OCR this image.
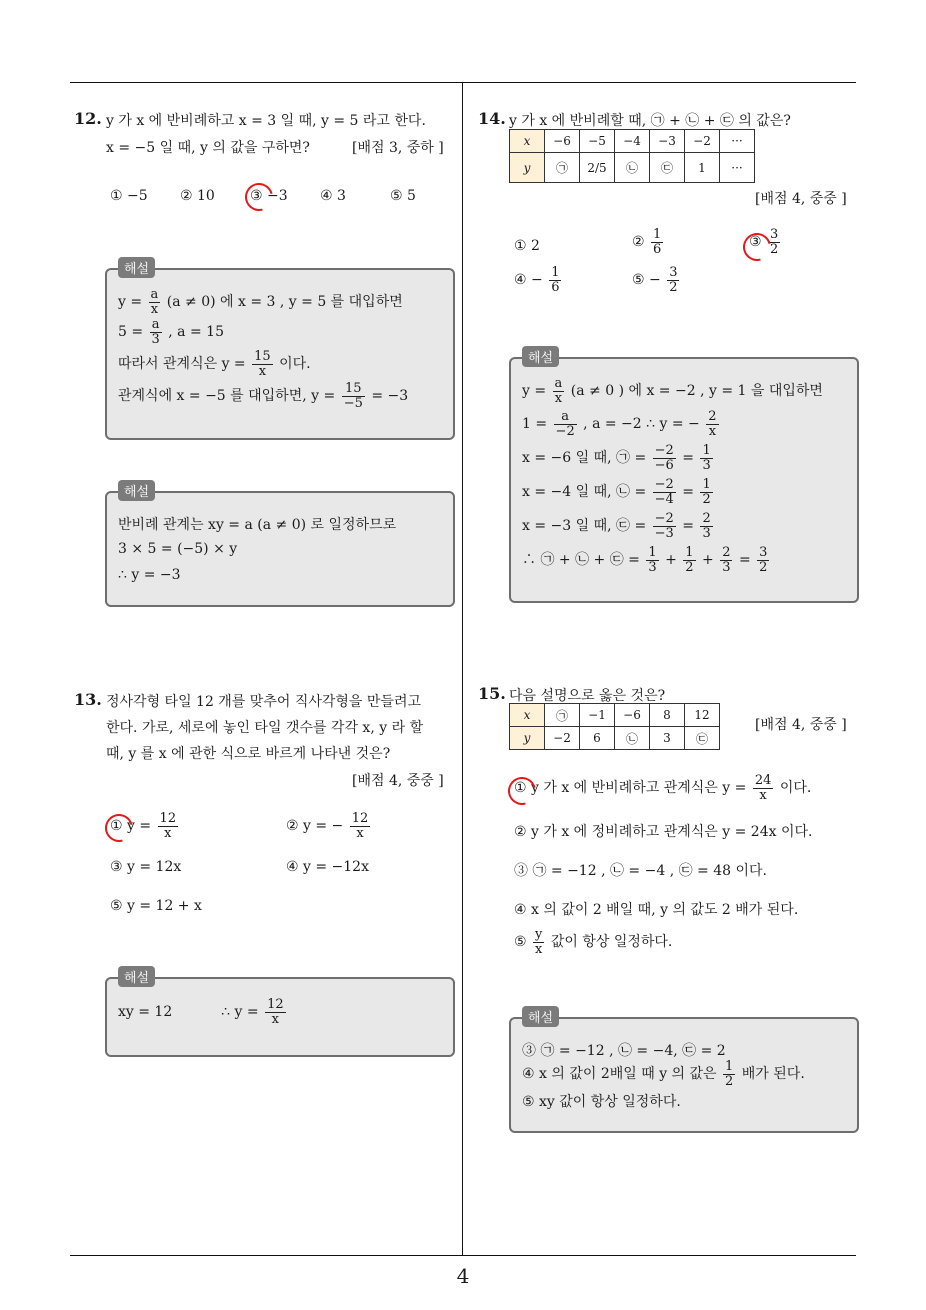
12. y 가 x 에 반비례하고 x = 3 일 때, y = 5 라고 한다.
x = −5 일 때, y 의 값을 구하면?	[배점 3, 중하 ]
① −5 ② 10	③ −3 ④ 3	⑤ 5
해설
$y = \frac{a}{x} (a \ne 0)$ 에 x = 3 , y = 5 를 대입하면
$5 = \frac{a}{3}$ , a = 15
따라서 관계식은 $y = \frac{15}{x}$ 이다.
관계식에 x = −5 를 대입하면, $y = \frac{15}{-5} = -3$
해설
반비례 관계는 xy = a (a ≠ 0) 로 일정하므로
3 × 5 = (−5) × y
∴ y = −3
13. 정사각형 타일 12 개를 맞추어 직사각형을 만들려고
한다. 가로, 세로에 놓인 타일 갯수를 각각 x, y 라 할
때, y 를 x 에 관한 식으로 바르게 나타낸 것은?
[배점 4, 중중 ]
① $y = \frac{12}{x}$	② y = − $\frac{12}{x}$
③ y = 12x	④ y = −12x
⑤ y = 12 + x
해설
xy = 12	∴ $y = \frac{12}{x}$
14. y 가 x 에 반비례할 때, ㉠ + ㉡ + ㉢ 의 값은?
x	−6	−5	−4	−3	−2	···
y	㉠	2/5	㉡	㉢	1	···
[배점 4, 중중 ]
① 2	② $\frac{1}{6}$	③ $\frac{3}{2}$
④ − $\frac{1}{6}$	⑤ − $\frac{3}{2}$
해설
$y = \frac{a}{x} (a \ne 0$ ) 에 x = −2 , y = 1 을 대입하면
$1 = \frac{a}{-2}$ , a = −2 ∴ y = − $\frac{2}{x}$
x = −6 일 때, ㉠ = $\frac{-2}{-6} = \frac{1}{3}$
x = −4 일 때, ㉡ = $\frac{-2}{-4} = \frac{1}{2}$
x = −3 일 때, ㉢ = $\frac{-2}{-3} = \frac{2}{3}$
∴ ㉠ + ㉡ + ㉢ = $\frac{1}{3} + \frac{1}{2} + \frac{2}{3} = \frac{3}{2}$
15. 다음 설명으로 옳은 것은?
x	㉠	−1	−6	8	12
y	−2	6	㉡	3	㉢
[배점 4, 중중 ]
① y 가 x 에 반비례하고 관계식은 $y = \frac{24}{x}$ 이다.
② y 가 x 에 정비례하고 관계식은 y = 24x 이다.
③ ㉠ = −12 , ㉡ = −4 , ㉢ = 48 이다.
④ x 의 값이 2 배일 때, y 의 값도 2 배가 된다.
⑤ $\frac{y}{x}$ 값이 항상 일정하다.
해설
③ ㉠ = −12 , ㉡ = −4, ㉢ = 2
④ x 의 값이 2배일 때 y 의 값은 $\frac{1}{2}$ 배가 된다.
⑤ xy 값이 항상 일정하다.
4
